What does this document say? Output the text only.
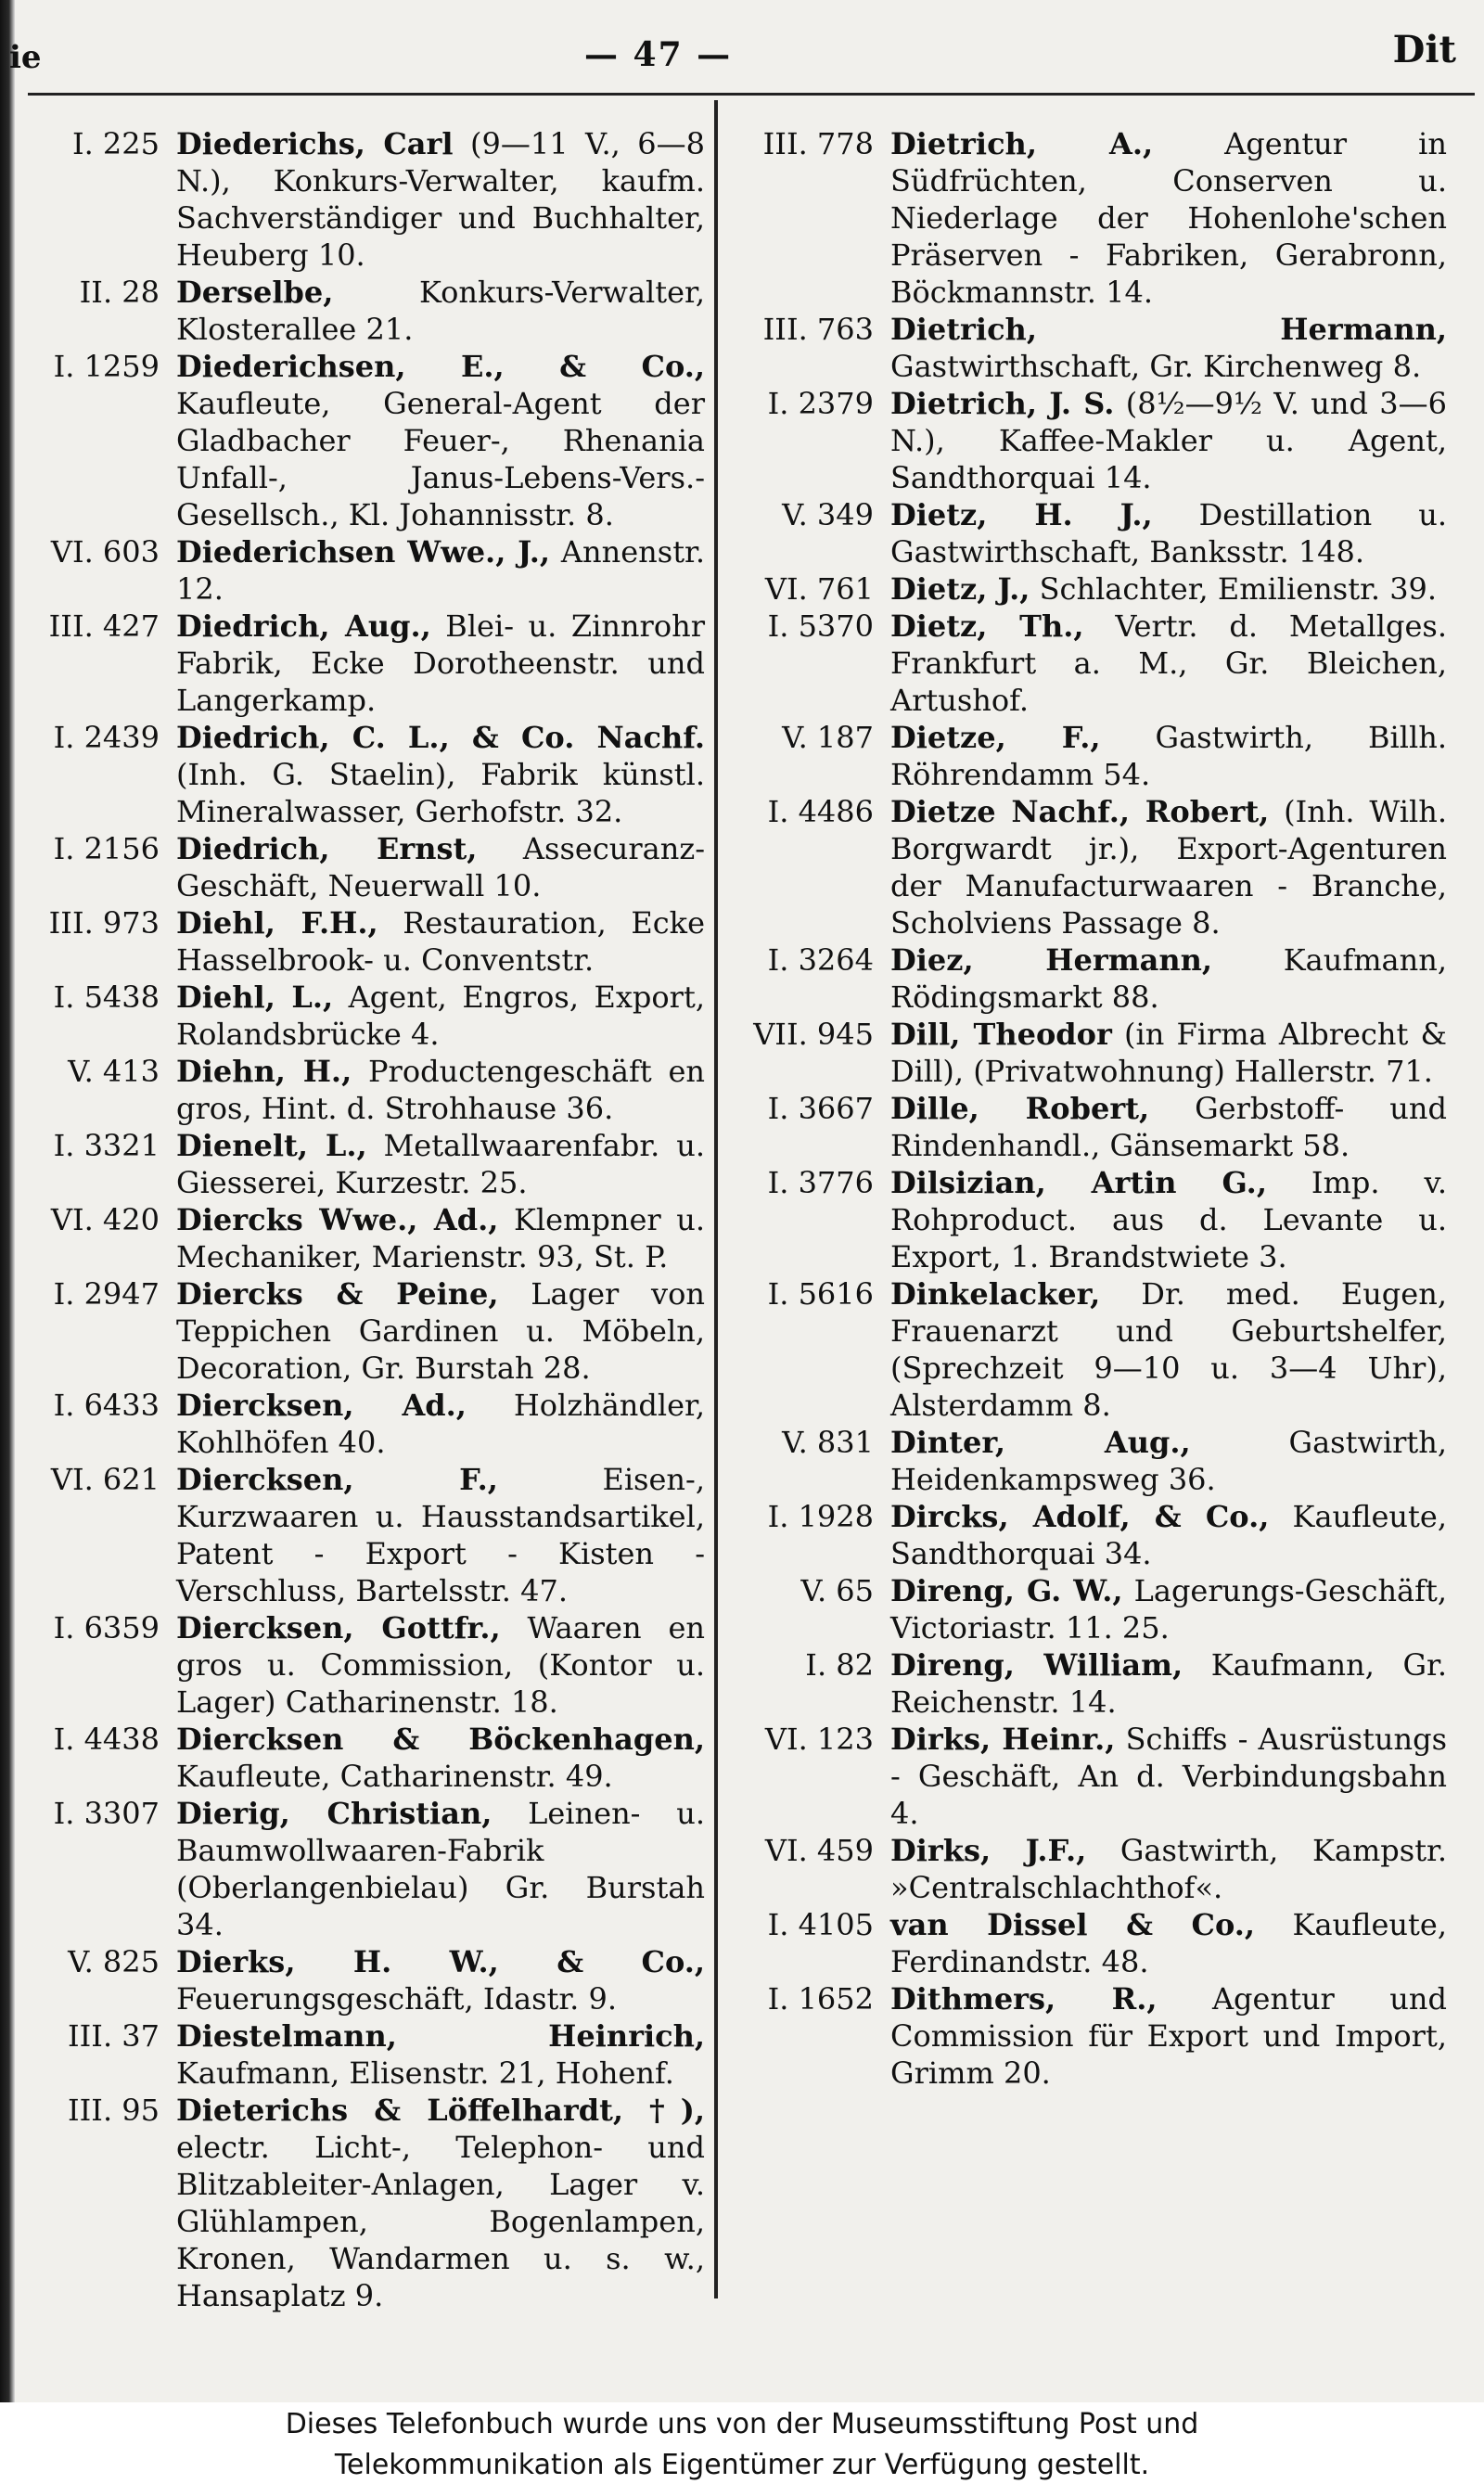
ie	— 47 —	Dit
I. 225 Diederichs, Carl (9—11 V., 6—8 N.), Konkurs-Verwalter, kaufm. Sachverständiger und Buchhalter, Heuberg 10.
II. 28 Derselbe, Konkurs-Verwalter, Klosterallee 21.
I. 1259 Diederichsen, E., & Co., Kaufleute, General-Agent der Gladbacher Feuer-, Rhenania Unfall-, Janus-Lebens-Vers.-Gesellsch., Kl. Johannisstr. 8.
VI. 603 Diederichsen Wwe., J., Annenstr. 12.
III. 427 Diedrich, Aug., Blei- u. Zinnrohr Fabrik, Ecke Dorotheenstr. und Langerkamp.
I. 2439 Diedrich, C. L., & Co. Nachf. (Inh. G. Staelin), Fabrik künstl. Mineralwasser, Gerhofstr. 32.
I. 2156 Diedrich, Ernst, Assecuranz-Geschäft, Neuerwall 10.
III. 973 Diehl, F.H., Restauration, Ecke Hasselbrook- u. Conventstr.
I. 5438 Diehl, L., Agent, Engros, Export, Rolandsbrücke 4.
V. 413 Diehn, H., Productengeschäft en gros, Hint. d. Strohhause 36.
I. 3321 Dienelt, L., Metallwaarenfabr. u. Giesserei, Kurzestr. 25.
VI. 420 Diercks Wwe., Ad., Klempner u. Mechaniker, Marienstr. 93, St. P.
I. 2947 Diercks & Peine, Lager von Teppichen Gardinen u. Möbeln, Decoration, Gr. Burstah 28.
I. 6433 Diercksen, Ad., Holzhändler, Kohlhöfen 40.
VI. 621 Diercksen, F., Eisen-, Kurzwaaren u. Hausstandsartikel, Patent - Export - Kisten - Verschluss, Bartelsstr. 47.
I. 6359 Diercksen, Gottfr., Waaren en gros u. Commission, (Kontor u. Lager) Catharinenstr. 18.
I. 4438 Diercksen & Böckenhagen, Kaufleute, Catharinenstr. 49.
I. 3307 Dierig, Christian, Leinen- u. Baumwollwaaren-Fabrik (Oberlangenbielau) Gr. Burstah 34.
V. 825 Dierks, H. W., & Co., Feuerungsgeschäft, Idastr. 9.
III. 37 Diestelmann, Heinrich, Kaufmann, Elisenstr. 21, Hohenf.
III. 95 Dieterichs & Löffelhardt, †), electr. Licht-, Telephon- und Blitzableiter-Anlagen, Lager v. Glühlampen, Bogenlampen, Kronen, Wandarmen u. s. w., Hansaplatz 9.
III. 778 Dietrich, A., Agentur in Südfrüchten, Conserven u. Niederlage der Hohenlohe'schen Präserven - Fabriken, Gerabronn, Böckmannstr. 14.
III. 763 Dietrich, Hermann, Gastwirthschaft, Gr. Kirchenweg 8.
I. 2379 Dietrich, J. S. (8½—9½ V. und 3—6 N.), Kaffee-Makler u. Agent, Sandthorquai 14.
V. 349 Dietz, H. J., Destillation u. Gastwirthschaft, Banksstr. 148.
VI. 761 Dietz, J., Schlachter, Emilienstr. 39.
I. 5370 Dietz, Th., Vertr. d. Metallges. Frankfurt a. M., Gr. Bleichen, Artushof.
V. 187 Dietze, F., Gastwirth, Billh. Röhrendamm 54.
I. 4486 Dietze Nachf., Robert, (Inh. Wilh. Borgwardt jr.), Export-Agenturen der Manufacturwaaren - Branche, Scholviens Passage 8.
I. 3264 Diez, Hermann, Kaufmann, Rödingsmarkt 88.
VII. 945 Dill, Theodor (in Firma Albrecht & Dill), (Privatwohnung) Hallerstr. 71.
I. 3667 Dille, Robert, Gerbstoff- und Rindenhandl., Gänsemarkt 58.
I. 3776 Dilsizian, Artin G., Imp. v. Rohproduct. aus d. Levante u. Export, 1. Brandstwiete 3.
I. 5616 Dinkelacker, Dr. med. Eugen, Frauenarzt und Geburtshelfer, (Sprechzeit 9—10 u. 3—4 Uhr), Alsterdamm 8.
V. 831 Dinter, Aug., Gastwirth, Heidenkampsweg 36.
I. 1928 Dircks, Adolf, & Co., Kaufleute, Sandthorquai 34.
V. 65 Direng, G. W., Lagerungs-Geschäft, Victoriastr. 11. 25.
I. 82 Direng, William, Kaufmann, Gr. Reichenstr. 14.
VI. 123 Dirks, Heinr., Schiffs - Ausrüstungs - Geschäft, An d. Verbindungsbahn 4.
VI. 459 Dirks, J.F., Gastwirth, Kampstr. »Centralschlachthof«.
I. 4105 van Dissel & Co., Kaufleute, Ferdinandstr. 48.
I. 1652 Dithmers, R., Agentur und Commission für Export und Import, Grimm 20.
Dieses Telefonbuch wurde uns von der Museumsstiftung Post und
Telekommunikation als Eigentümer zur Verfügung gestellt.
